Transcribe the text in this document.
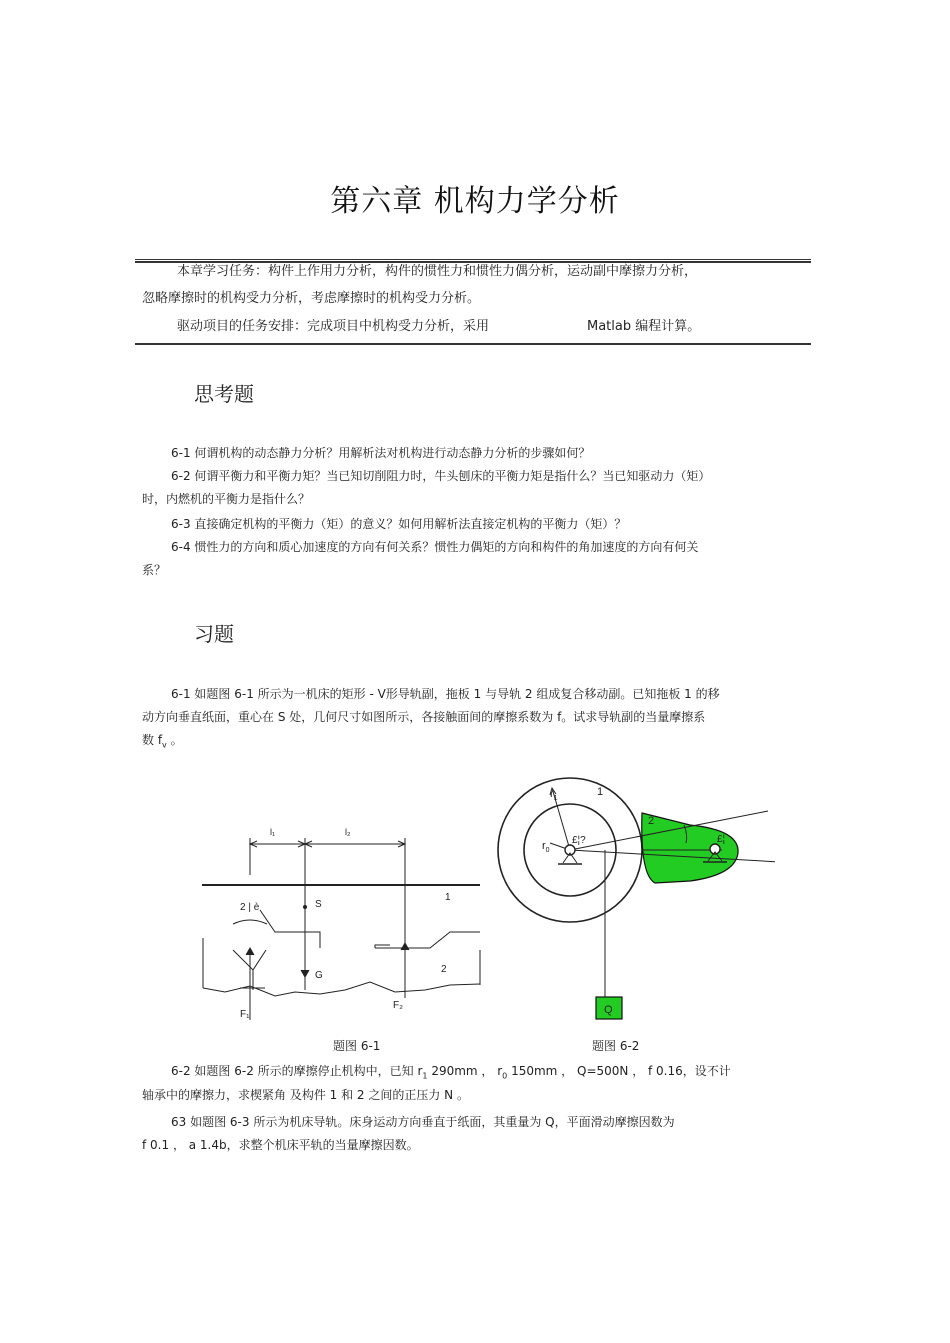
第六章 机构力学分析
本章学习任务：构件上作用力分析，构件的惯性力和惯性力偶分析，运动副中摩擦力分析，
忽略摩擦时的机构受力分析，考虑摩擦时的机构受力分析。
驱动项目的任务安排：完成项目中机构受力分析，采用	Matlab 编程计算。
思考题
6-1 何谓机构的动态静力分析？用解析法对机构进行动态静力分析的步骤如何？
6-2 何谓平衡力和平衡力矩？当已知切削阻力时，牛头刨床的平衡力矩是指什么？当已知驱动力（矩）
时，内燃机的平衡力是指什么？
6-3 直接确定机构的平衡力（矩）的意义？如何用解析法直接定机构的平衡力（矩）？
6-4 惯性力的方向和质心加速度的方向有何关系？惯性力偶矩的方向和构件的角加速度的方向有何关
系？
习题
6-1 如题图 6-1 所示为一机床的矩形 - V形导轨副，拖板 1 与导轨 2 组成复合移动副。已知拖板 1 的移
动方向垂直纸面，重心在 S 处，几何尺寸如图所示，各接触面间的摩擦系数为 f。试求导轨副的当量摩擦系
数 $f_v$ 。
l₁	l₂
2 | è	S
G
1
2
F₁
F₂	Q
$r_1$
1
2
$r_0$
£¦?	£¦
题图 6-1	题图 6-2
6-2 如题图 6-2 所示的摩擦停止机构中，已知 $r_1$ 290mm ， $r_0$ 150mm ， Q=500N ， f 0.16，设不计
轴承中的摩擦力，求楔紧角 及构件 1 和 2 之间的正压力 N 。
63 如题图 6-3 所示为机床导轨。床身运动方向垂直于纸面，其重量为 Q，平面滑动摩擦因数为
f 0.1 ， a 1.4b，求整个机床平轨的当量摩擦因数。
